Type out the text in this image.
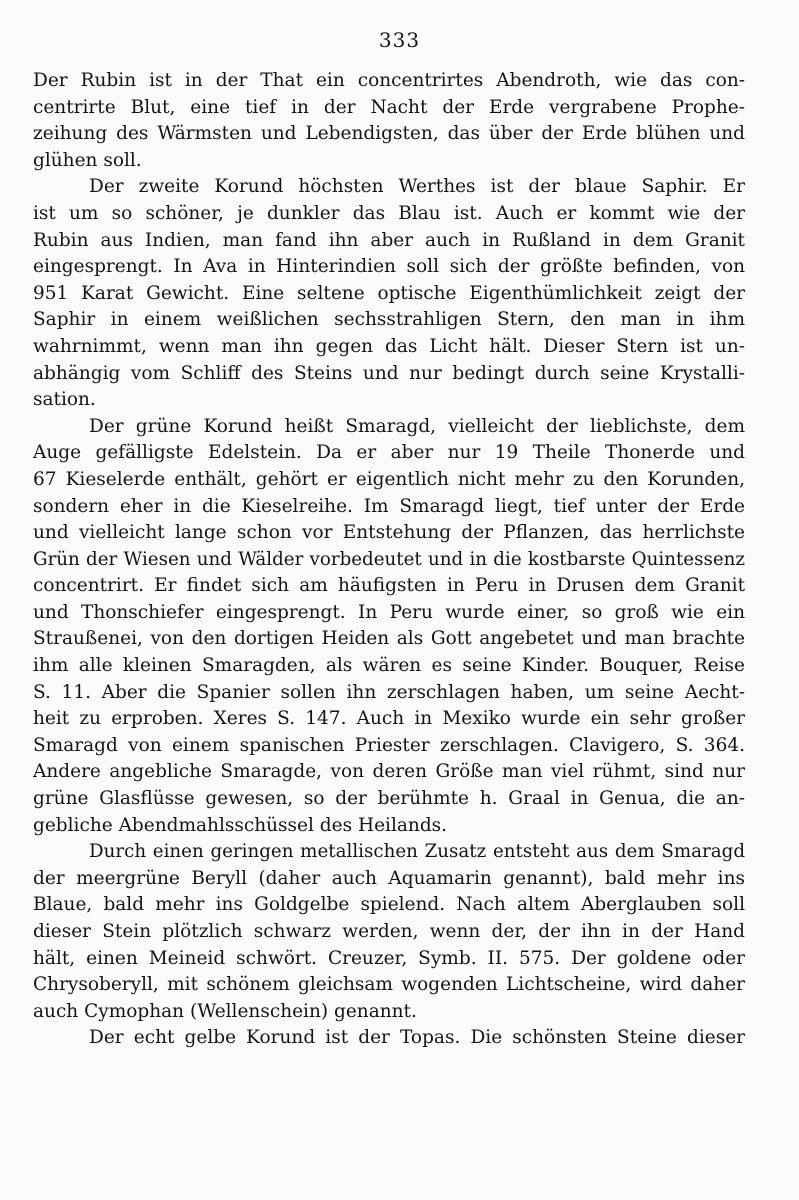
333
Der Rubin ist in der That ein concentrirtes Abendroth, wie das con-
centrirte Blut, eine tief in der Nacht der Erde vergrabene Prophe-
zeihung des Wärmsten und Lebendigsten, das über der Erde blühen und
glühen soll.
Der zweite Korund höchsten Werthes ist der blaue Saphir. Er
ist um so schöner, je dunkler das Blau ist. Auch er kommt wie der
Rubin aus Indien, man fand ihn aber auch in Rußland in dem Granit
eingesprengt. In Ava in Hinterindien soll sich der größte befinden, von
951 Karat Gewicht. Eine seltene optische Eigenthümlichkeit zeigt der
Saphir in einem weißlichen sechsstrahligen Stern, den man in ihm
wahrnimmt, wenn man ihn gegen das Licht hält. Dieser Stern ist un-
abhängig vom Schliff des Steins und nur bedingt durch seine Krystalli-
sation.
Der grüne Korund heißt Smaragd, vielleicht der lieblichste, dem
Auge gefälligste Edelstein. Da er aber nur 19 Theile Thonerde und
67 Kieselerde enthält, gehört er eigentlich nicht mehr zu den Korunden,
sondern eher in die Kieselreihe. Im Smaragd liegt, tief unter der Erde
und vielleicht lange schon vor Entstehung der Pflanzen, das herrlichste
Grün der Wiesen und Wälder vorbedeutet und in die kostbarste Quintessenz
concentrirt. Er findet sich am häufigsten in Peru in Drusen dem Granit
und Thonschiefer eingesprengt. In Peru wurde einer, so groß wie ein
Straußenei, von den dortigen Heiden als Gott angebetet und man brachte
ihm alle kleinen Smaragden, als wären es seine Kinder. Bouquer, Reise
S. 11. Aber die Spanier sollen ihn zerschlagen haben, um seine Aecht-
heit zu erproben. Xeres S. 147. Auch in Mexiko wurde ein sehr großer
Smaragd von einem spanischen Priester zerschlagen. Clavigero, S. 364.
Andere angebliche Smaragde, von deren Größe man viel rühmt, sind nur
grüne Glasflüsse gewesen, so der berühmte h. Graal in Genua, die an-
gebliche Abendmahlsschüssel des Heilands.
Durch einen geringen metallischen Zusatz entsteht aus dem Smaragd
der meergrüne Beryll (daher auch Aquamarin genannt), bald mehr ins
Blaue, bald mehr ins Goldgelbe spielend. Nach altem Aberglauben soll
dieser Stein plötzlich schwarz werden, wenn der, der ihn in der Hand
hält, einen Meineid schwört. Creuzer, Symb. II. 575. Der goldene oder
Chrysoberyll, mit schönem gleichsam wogenden Lichtscheine, wird daher
auch Cymophan (Wellenschein) genannt.
Der echt gelbe Korund ist der Topas. Die schönsten Steine dieser
